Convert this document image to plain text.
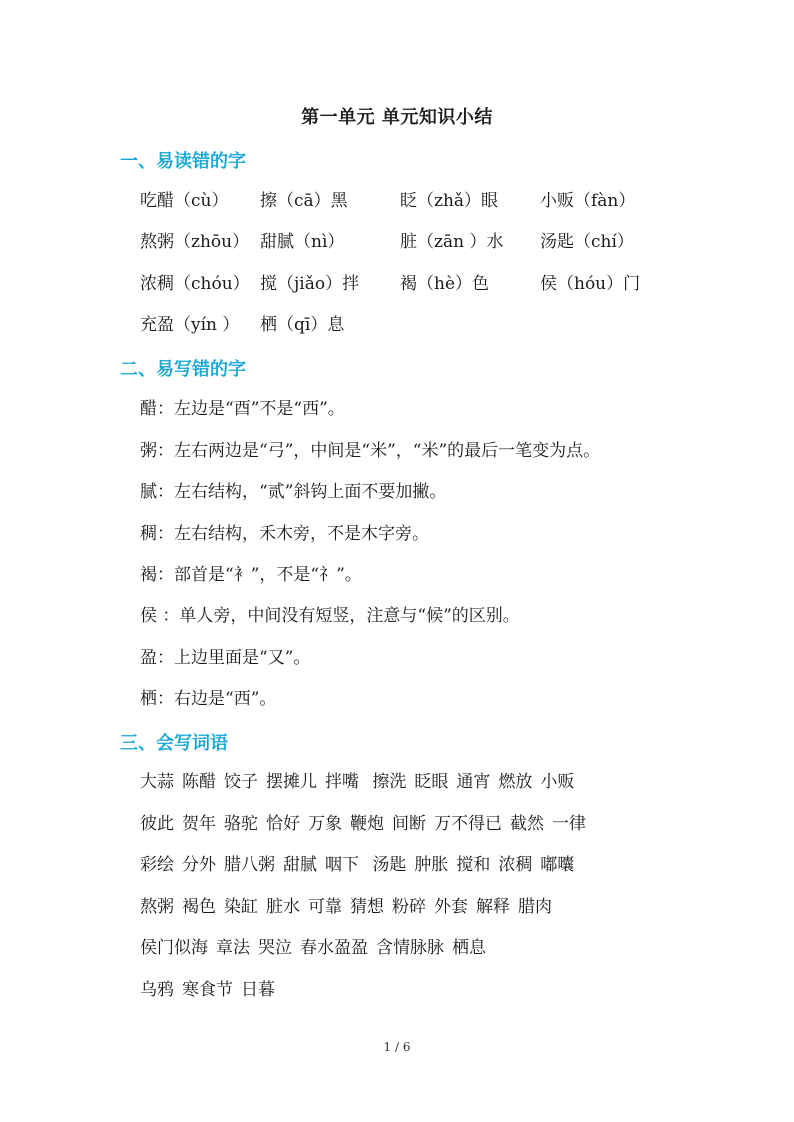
第一单元 单元知识小结
一、易读错的字
吃醋（cù） 擦（cā）黑	眨（zhǎ）眼 小贩（fàn）
熬粥（zhōu） 甜腻（nì）	脏（zān ）水 汤匙（chí）
浓稠（chóu） 搅（jiǎo）拌 褐（hè）色	侯（hóu）门
充盈（yín ） 栖（qī）息
二、易写错的字
醋：左边是“酉”不是“西”。
粥：左右两边是“弓”，中间是“米”，“米”的最后一笔变为点。
腻：左右结构，“贰”斜钩上面不要加撇。
稠：左右结构，禾木旁，不是木字旁。
褐：部首是“衤”，不是“礻”。
侯 ：单人旁，中间没有短竖，注意与“候”的区别。
盈：上边里面是“又”。
栖：右边是“西”。
三、会写词语
大蒜 陈醋 饺子 摆摊儿 拌嘴 擦洗 眨眼 通宵 燃放 小贩
彼此 贺年 骆驼 恰好 万象 鞭炮 间断 万不得已 截然 一律
彩绘 分外 腊八粥 甜腻 咽下 汤匙 肿胀 搅和 浓稠 嘟囔
熬粥 褐色 染缸 脏水 可靠 猜想 粉碎 外套 解释 腊肉
侯门似海 章法 哭泣 春水盈盈 含情脉脉 栖息
乌鸦 寒食节 日暮
1 / 6
